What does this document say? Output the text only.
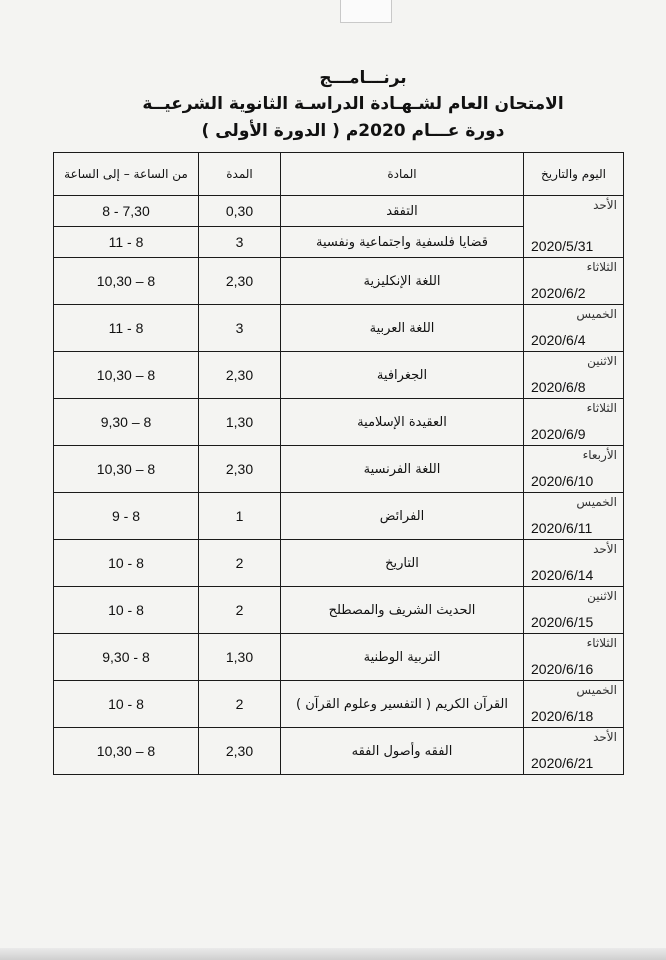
برنـــامـــج
الامتحان العام لشـهـادة الدراسـة الثانوية الشرعيــة
دورة عـــام 2020م ( الدورة الأولى )
اليوم والتاريخ	المادة	المدة	من الساعة – إلى الساعة

الأحد
2020/5/31	التفقد	0,30	8 - 7,30
	قضايا فلسفية واجتماعية ونفسية	3	11 - 8

الثلاثاء
2020/6/2	اللغة الإنكليزية	2,30	10,30 – 8

الخميس
2020/6/4	اللغة العربية	3	11 - 8

الاثنين
2020/6/8	الجغرافية	2,30	10,30 – 8

الثلاثاء
2020/6/9	العقيدة الإسلامية	1,30	9,30 – 8

الأربعاء
2020/6/10	اللغة الفرنسية	2,30	10,30 – 8

الخميس
2020/6/11	الفرائض	1	9 - 8

الأحد
2020/6/14	التاريخ	2	10 - 8

الاثنين
2020/6/15	الحديث الشريف والمصطلح	2	10 - 8

الثلاثاء
2020/6/16	التربية الوطنية	1,30	9,30 - 8

الخميس
2020/6/18	القرآن الكريم ( التفسير وعلوم القرآن )	2	10 - 8

الأحد
2020/6/21	الفقه وأصول الفقه	2,30	10,30 – 8
